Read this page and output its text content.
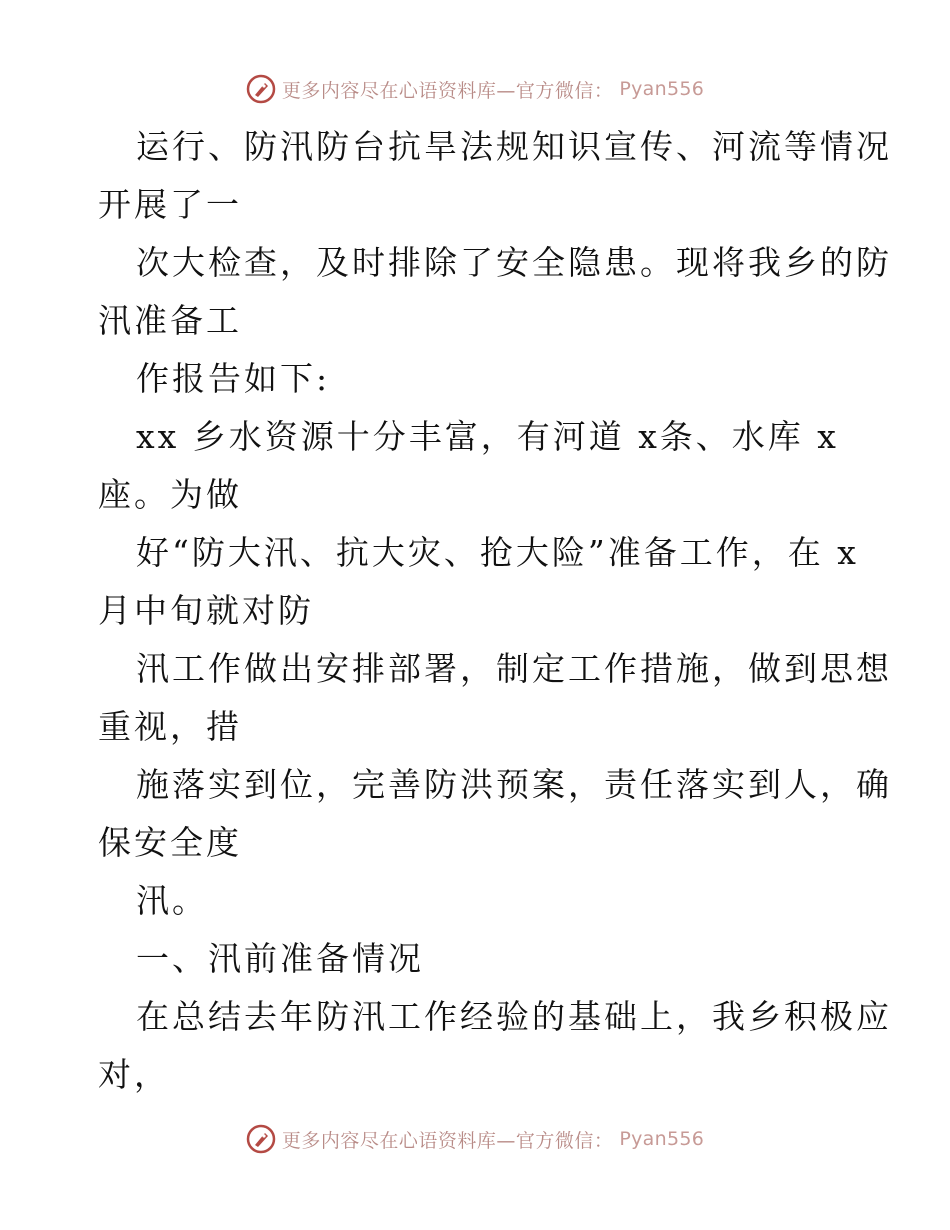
更多内容尽在心语资料库—官方微信： Pyan556
运行、防汛防台抗旱法规知识宣传、河流等情况
开展了一
次大检查，及时排除了安全隐患。现将我乡的防
汛准备工
作报告如下:
xx 乡水资源十分丰富，有河道 x条、水库 x
座。为做
好“防大汛、抗大灾、抢大险”准备工作，在 x
月中旬就对防
汛工作做出安排部署，制定工作措施，做到思想
重视，措
施落实到位，完善防洪预案，责任落实到人，确
保安全度
汛。
一、汛前准备情况
在总结去年防汛工作经验的基础上，我乡积极应
对，
更多内容尽在心语资料库—官方微信： Pyan556
